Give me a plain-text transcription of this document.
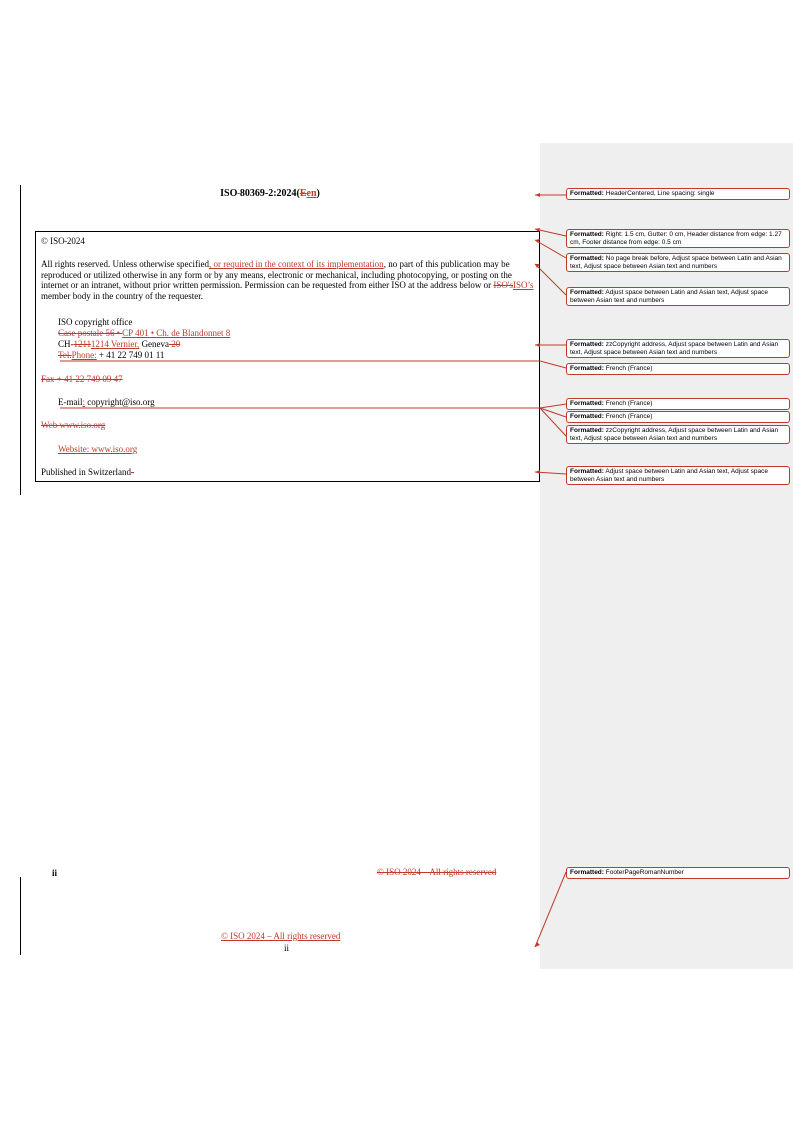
ISO 80369-2:2024(Een)
© ISO 2024
All rights reserved. Unless otherwise specified, or required in the context of its implementation, no part of this publication may be reproduced or utilized otherwise in any form or by any means, electronic or mechanical, including photocopying, or posting on the internet or an intranet, without prior written permission. Permission can be requested from either ISO at the address below or ISO'sISO’s member body in the country of the requester.
ISO copyright office
Case postale 56 • CP 401 • Ch. de Blandonnet 8
CH-12111214 Vernier, Geneva 20
Tel.Phone: + 41 22 749 01 11
Fax + 41 22 749 09 47
E-mail: copyright@iso.org
Web www.iso.org
Website: www.iso.org
Published in Switzerland-
ii	© ISO 2024 – All rights reserved
© ISO 2024 – All rights reserved
ii
Formatted: HeaderCentered, Line spacing: single
Formatted: Right: 1.5 cm, Gutter: 0 cm, Header distance from edge: 1.27 cm, Footer distance from edge: 0.5 cm
Formatted: No page break before, Adjust space between Latin and Asian text, Adjust space between Asian text and numbers
Formatted: Adjust space between Latin and Asian text, Adjust space between Asian text and numbers
Formatted: zzCopyright address, Adjust space between Latin and Asian text, Adjust space between Asian text and numbers
Formatted: French (France)
Formatted: French (France)
Formatted: French (France)
Formatted: zzCopyright address, Adjust space between Latin and Asian text, Adjust space between Asian text and numbers
Formatted: Adjust space between Latin and Asian text, Adjust space between Asian text and numbers
Formatted: FooterPageRomanNumber
